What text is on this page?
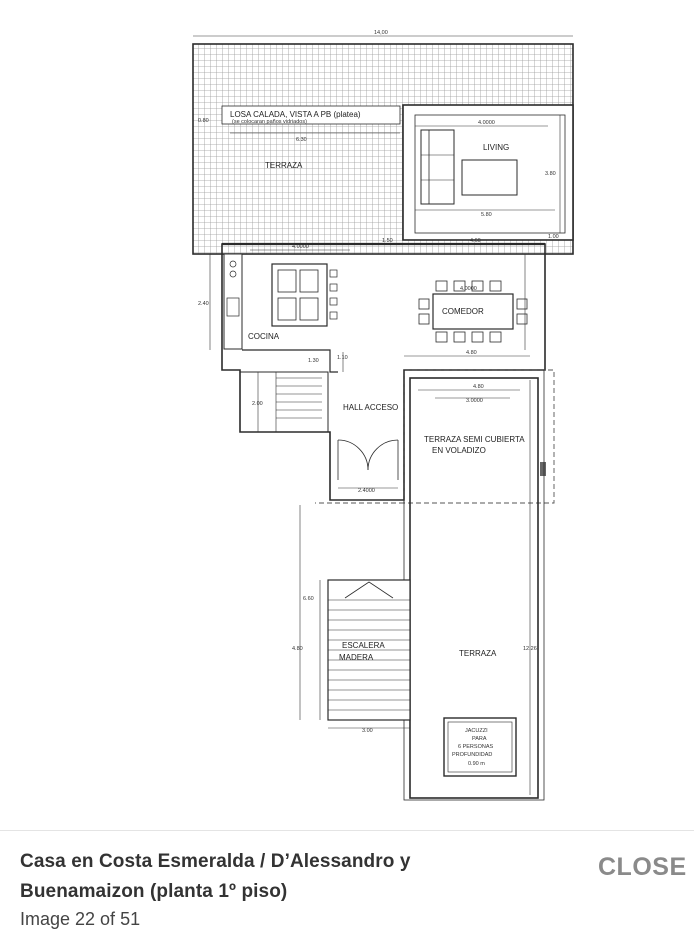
LOSA CALADA, VISTA A PB (platea)
(se colocaran paños vidriados)
TERRAZA
LIVING
COMEDOR
COCINA
HALL ACCESO
TERRAZA SEMI CUBIERTA
EN VOLADIZO
ESCALERA
MADERA	TERRAZA
JACUZZI
PARA
6 PERSONAS
PROFUNDIDAD
0.90 m
14,00
6.30
4.0000
5.80
3.80
4.0000
4.0000
4.80
4.80
3.0000
2.4000
3.00
12.26
6.60
4.80
1.50	4.60
1.00
2.40
2.00
1.30	1.10
0.80
Casa en Costa Esmeralda / D’Alessandro y Buenamaizon (planta 1º piso)
Image 22 of 51
CLOSE
